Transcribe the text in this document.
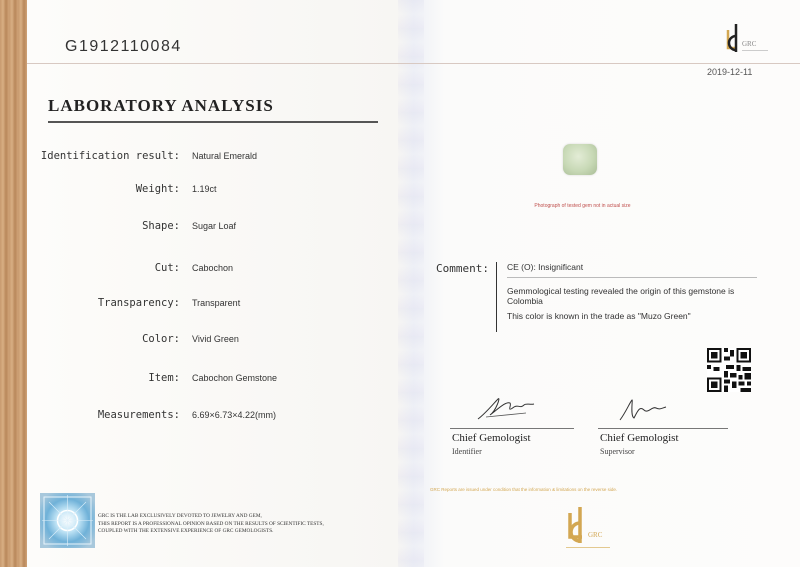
G1912110084	GRC
2019-12-11
LABORATORY ANALYSIS
Identification result: Natural Emerald
Weight: 1.19ct
Shape: Sugar Loaf
Cut: Cabochon
Transparency: Transparent
Color: Vivid Green
Item: Cabochon Gemstone
Measurements: 6.69×6.73×4.22(mm)
Photograph of tested gem not in actual size
Comment: CE (O): Insignificant
Gemmological testing revealed the origin of this gemstone is Colombia
This color is known in the trade as "Muzo Green"
Chief Gemologist
Identifier
Chief Gemologist
Supervisor
GRC IS THE LAB EXCLUSIVELY DEVOTED TO JEWELRY AND GEM,
THIS REPORT IS A PROFESSIONAL OPINION BASED ON THE RESULTS OF SCIENTIFIC TESTS,
COUPLED WITH THE EXTENSIVE EXPERIENCE OF GRC GEMOLOGISTS.
GRC Reports are issued under condition that the information & limitations on the reverse side.
GRC
